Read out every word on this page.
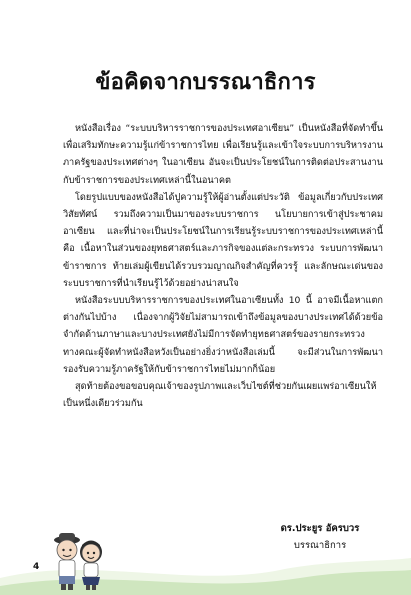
ข้อคิดจากบรรณาธิการ

หนังสือเรื่อง “ระบบบริหารราชการของประเทศอาเซียน” เป็นหนังสือที่จัดทำขึ้นเพื่อเสริมทักษะความรู้แก่ข้าราชการไทย เพื่อเรียนรู้และเข้าใจระบบการบริหารงานภาครัฐของประเทศต่างๆ ในอาเซียน อันจะเป็นประโยชน์ในการติดต่อประสานงานกับข้าราชการของประเทศเหล่านี้ในอนาคต

โดยรูปแบบของหนังสือได้ปูความรู้ให้ผู้อ่านตั้งแต่ประวัติ ข้อมูลเกี่ยวกับประเทศ วิสัยทัศน์ รวมถึงความเป็นมาของระบบราชการ นโยบายการเข้าสู่ประชาคมอาเซียน และที่น่าจะเป็นประโยชน์ในการเรียนรู้ระบบราชการของประเทศเหล่านี้ คือ เนื้อหาในส่วนของยุทธศาสตร์และภารกิจของแต่ละกระทรวง ระบบการพัฒนาข้าราชการ ท้ายเล่มผู้เขียนได้รวบรวมญาณกิจสำคัญที่ควรรู้ และลักษณะเด่นของระบบราชการที่นำเรียนรู้ไว้ด้วยอย่างน่าสนใจ

หนังสือระบบบริหารราชการของประเทศในอาเซียนทั้ง 10 นี้ อาจมีเนื้อหาแตกต่างกันไปบ้าง เนื่องจากผู้วิจัยไม่สามารถเข้าถึงข้อมูลของบางประเทศได้ด้วยข้อจำกัดด้านภาษาและบางประเทศยังไม่มีการจัดทำยุทธศาสตร์ของรายกระทรวง ทางคณะผู้จัดทำหนังสือหวังเป็นอย่างยิ่งว่าหนังสือเล่มนี้ จะมีส่วนในการพัฒนารองรับความรู้ภาครัฐให้กับข้าราชการไทยไม่มากก็น้อย

สุดท้ายต้องขอขอบคุณเจ้าของรูปภาพและเว็บไซต์ที่ช่วยกันเผยแพร่อาเซียนให้เป็นหนึ่งเดียวร่วมกัน

ดร.ประยูร อัครบวร
บรรณาธิการ
4
